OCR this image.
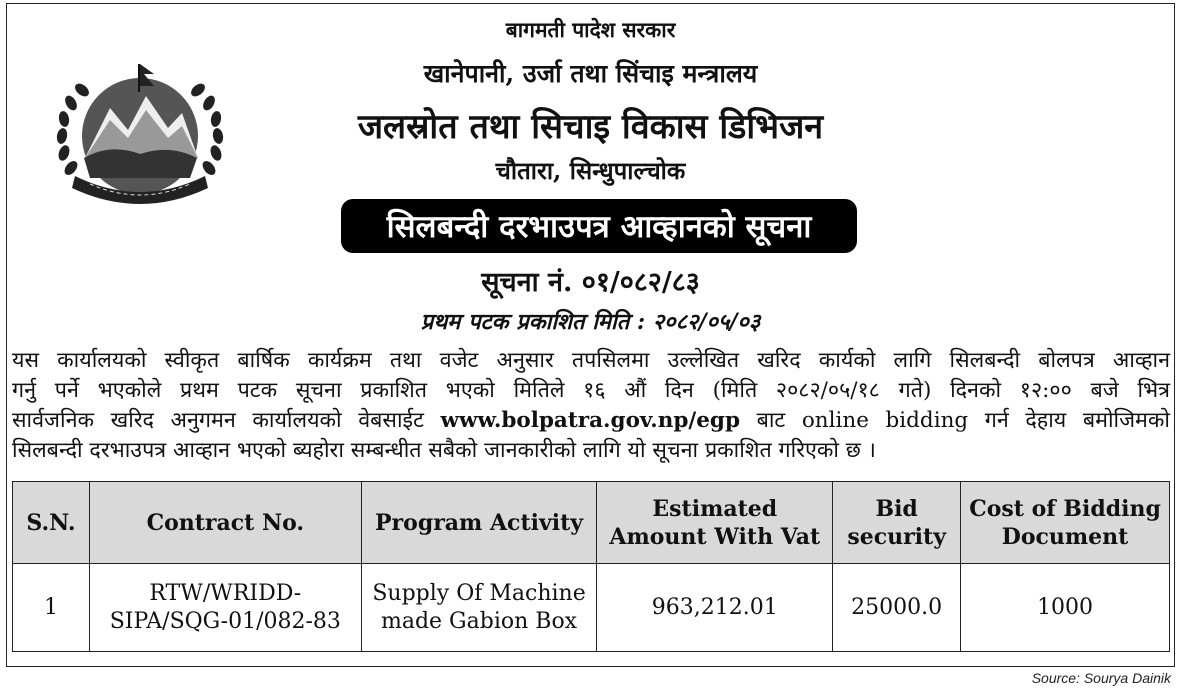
बागमती पादेश सरकार
खानेपानी, उर्जा तथा सिंचाइ मन्त्रालय
जलस्रोत तथा सिचाइ विकास डिभिजन
चौतारा, सिन्धुपाल्चोक
सिलबन्दी दरभाउपत्र आव्हानको सूचना
सूचना नं. ०१/०८२/८३
प्रथम पटक प्रकाशित मिति : २०८२/०५/०३
यस कार्यालयको स्वीकृत बार्षिक कार्यक्रम तथा वजेट अनुसार तपसिलमा उल्लेखित खरिद कार्यको लागि सिलबन्दी बोलपत्र आव्हान
गर्नु पर्ने भएकोले प्रथम पटक सूचना प्रकाशित भएको मितिले १६ औं दिन (मिति २०८२/०५/१८ गते) दिनको १२:०० बजे भित्र
सार्वजनिक खरिद अनुगमन कार्यालयको वेबसाईट www.bolpatra.gov.np/egp बाट online bidding गर्न देहाय बमोजिमको
सिलबन्दी दरभाउपत्र आव्हान भएको ब्यहोरा सम्बन्धीत सबैको जानकारीको लागि यो सूचना प्रकाशित गरिएको छ ।
S.N.	Contract No.	Program Activity	Estimated Amount With Vat	Bid security	Cost of Bidding Document
1	RTW/WRIDD-SIPA/SQG-01/082-83	Supply Of Machine made Gabion Box	963,212.01	25000.0	1000
Source: Sourya Dainik
